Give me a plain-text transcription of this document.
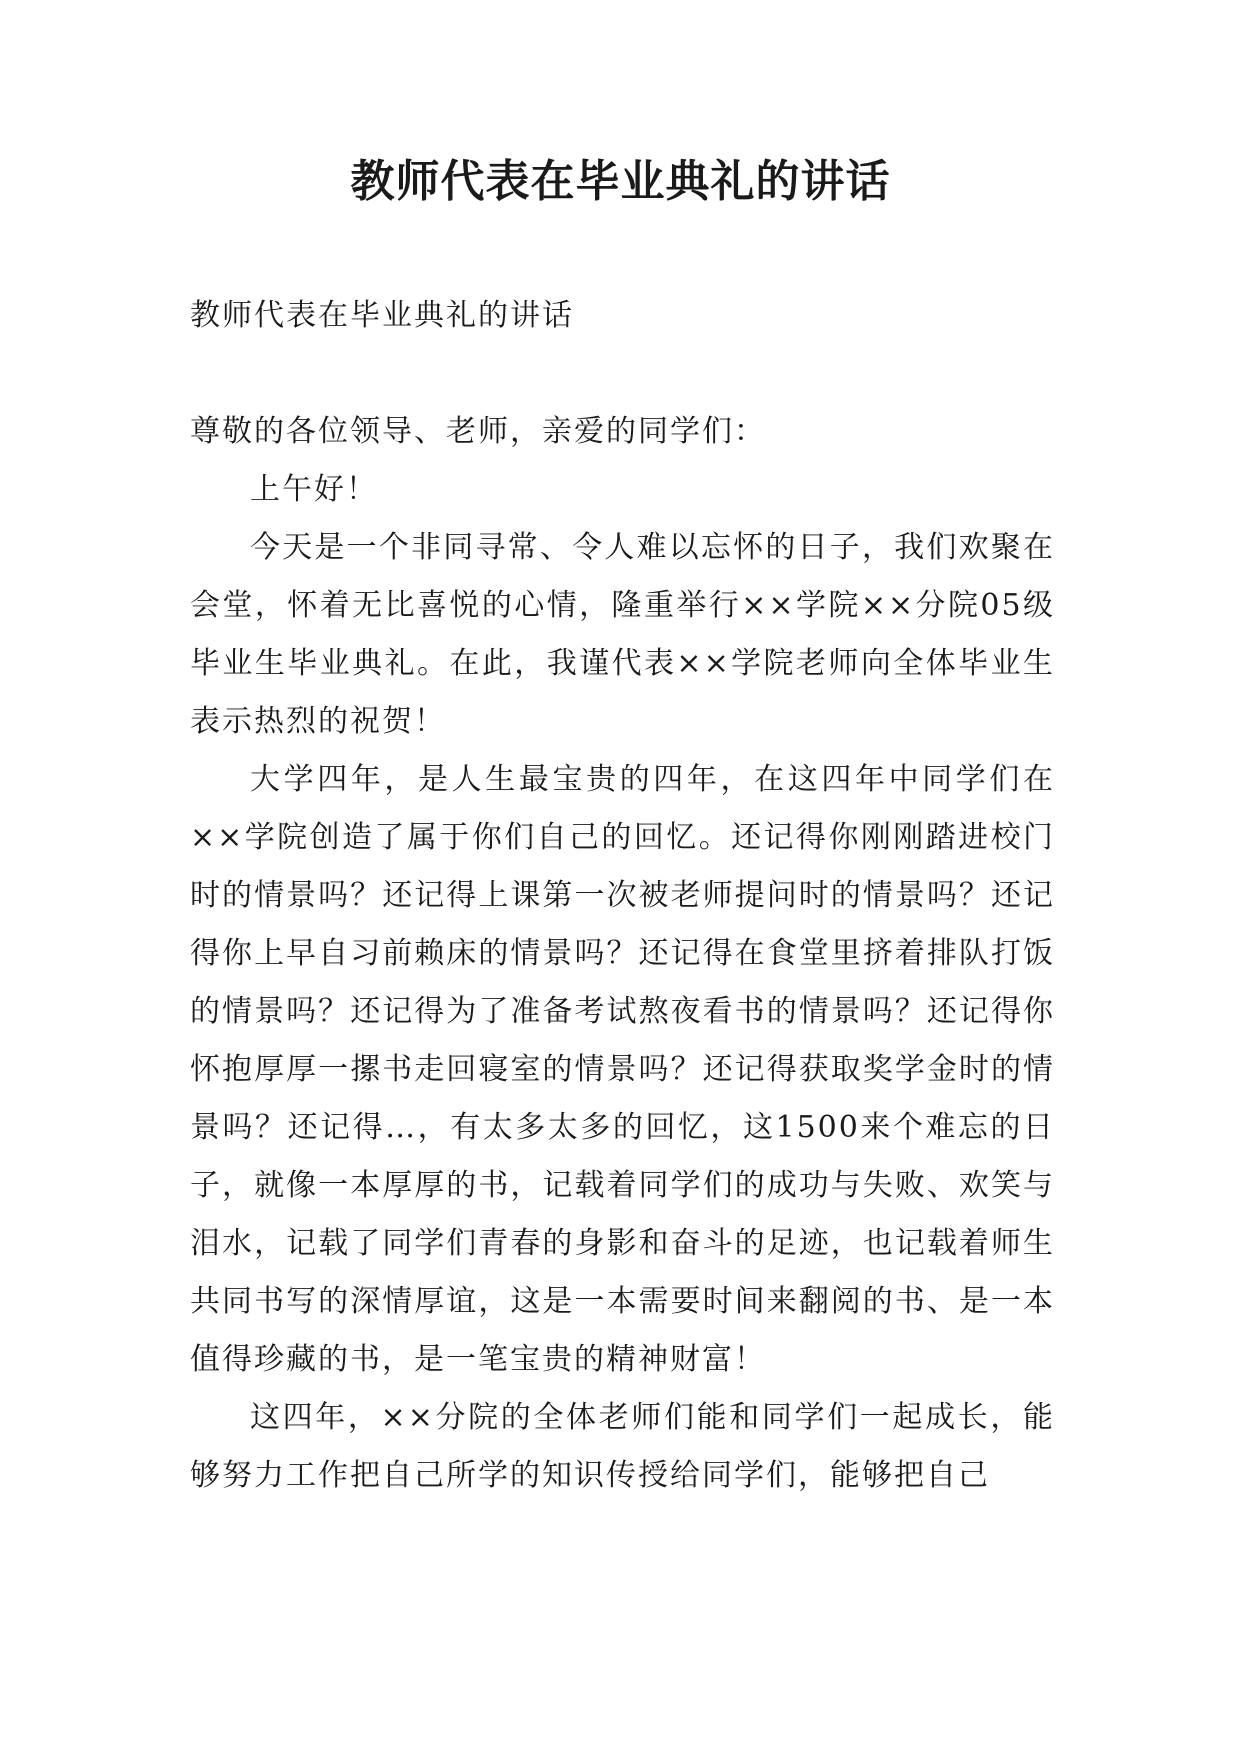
教师代表在毕业典礼的讲话

教师代表在毕业典礼的讲话

尊敬的各位领导、老师，亲爱的同学们：

上午好！

今天是一个非同寻常、令人难以忘怀的日子，我们欢聚在会堂，怀着无比喜悦的心情，隆重举行××学院××分院05级毕业生毕业典礼。在此，我谨代表××学院老师向全体毕业生表示热烈的祝贺！

大学四年，是人生最宝贵的四年，在这四年中同学们在××学院创造了属于你们自己的回忆。还记得你刚刚踏进校门时的情景吗？还记得上课第一次被老师提问时的情景吗？还记得你上早自习前赖床的情景吗？还记得在食堂里挤着排队打饭的情景吗？还记得为了准备考试熬夜看书的情景吗？还记得你怀抱厚厚一摞书走回寝室的情景吗？还记得获取奖学金时的情景吗？还记得…，有太多太多的回忆，这1500来个难忘的日子，就像一本厚厚的书，记载着同学们的成功与失败、欢笑与泪水，记载了同学们青春的身影和奋斗的足迹，也记载着师生共同书写的深情厚谊，这是一本需要时间来翻阅的书、是一本值得珍藏的书，是一笔宝贵的精神财富！

这四年，××分院的全体老师们能和同学们一起成长，能够努力工作把自己所学的知识传授给同学们，能够把自己
